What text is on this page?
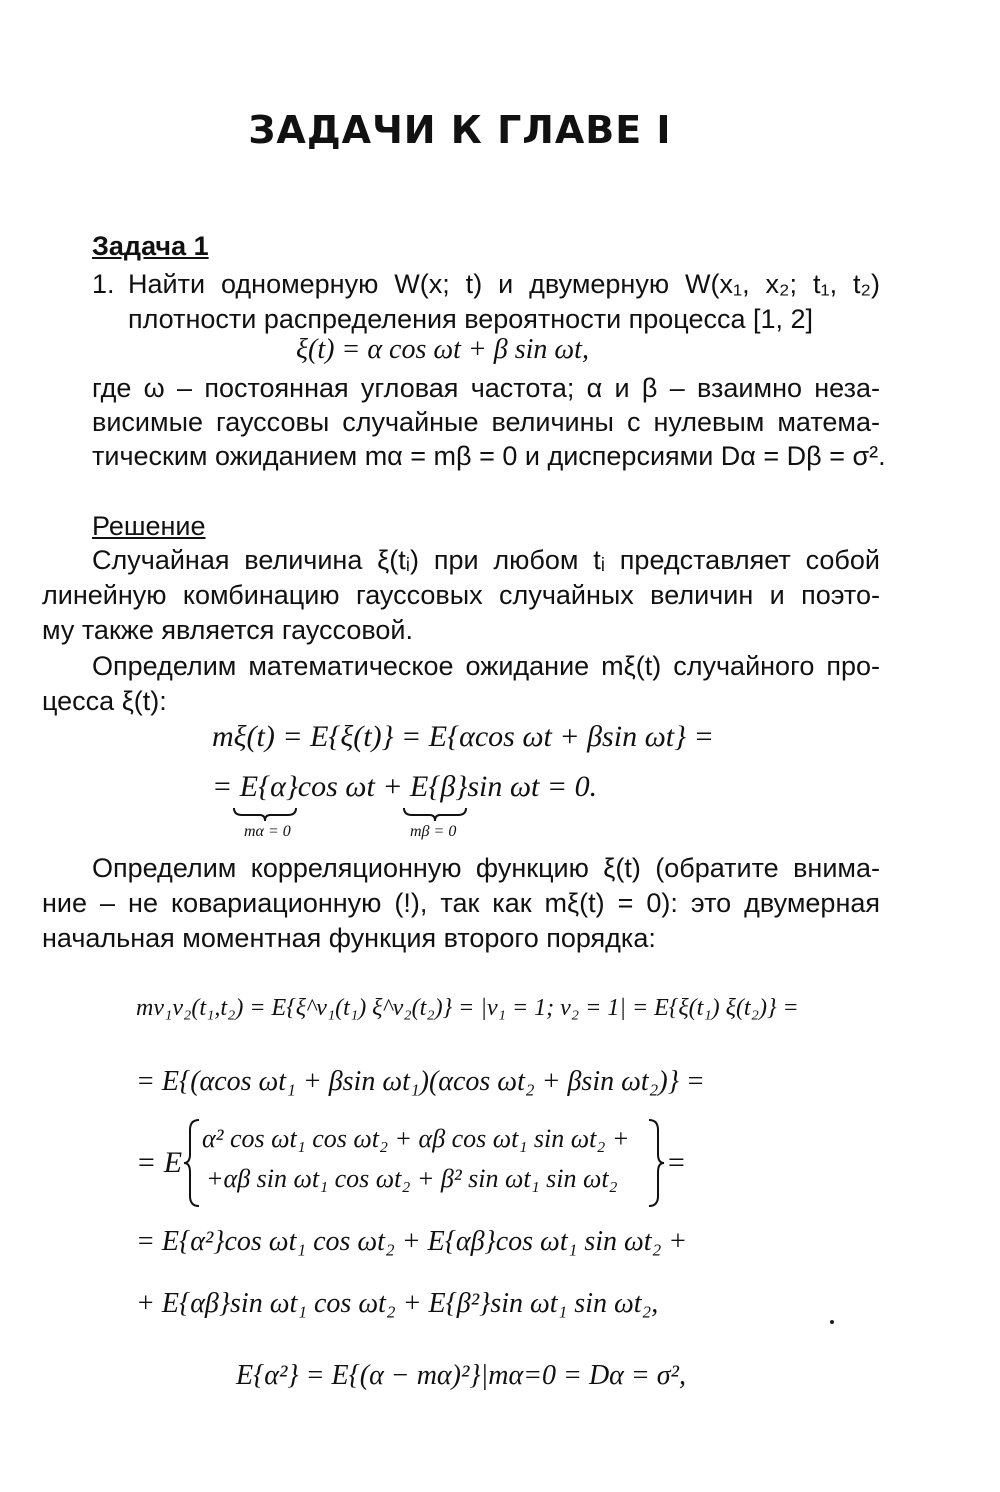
ЗАДАЧИ К ГЛАВЕ I
Задача 1
1. Найти одномерную W(x; t) и двумерную W(x₁, x₂; t₁, t₂)
плотности распределения вероятности процесса [1, 2]
ξ(t) = α cos ωt + β sin ωt,
где ω – постоянная угловая частота; α и β – взаимно неза-
висимые гауссовы случайные величины с нулевым матема-
тическим ожиданием mα = mβ = 0 и дисперсиями Dα = Dβ = σ².
Решение
Случайная величина ξ(tᵢ) при любом tᵢ представляет собой
линейную комбинацию гауссовых случайных величин и поэто-
му также является гауссовой.
Определим математическое ожидание mξ(t) случайного про-
цесса ξ(t):
mξ(t) = E{ξ(t)} = E{αcos ωt + βsin ωt} =
= E{α}cos ωt + E{β}sin ωt = 0.
mα = 0	mβ = 0
Определим корреляционную функцию ξ(t) (обратите внима-
ние – не ковариационную (!), так как mξ(t) = 0): это двумерная
начальная моментная функция второго порядка:
mν₁ν₂(t₁,t₂) = E{ξ^ν₁(t₁) ξ^ν₂(t₂)} = |ν₁ = 1; ν₂ = 1| = E{ξ(t₁) ξ(t₂)} =
= E{(αcos ωt₁ + βsin ωt₁)(αcos ωt₂ + βsin ωt₂)} =
= E
α² cos ωt₁ cos ωt₂ + αβ cos ωt₁ sin ωt₂ +
+αβ sin ωt₁ cos ωt₂ + β² sin ωt₁ sin ωt₂ =
= E{α²}cos ωt₁ cos ωt₂ + E{αβ}cos ωt₁ sin ωt₂ +
+ E{αβ}sin ωt₁ cos ωt₂ + E{β²}sin ωt₁ sin ωt₂,
E{α²} = E{(α − mα)²}|mα=0 = Dα = σ²,
